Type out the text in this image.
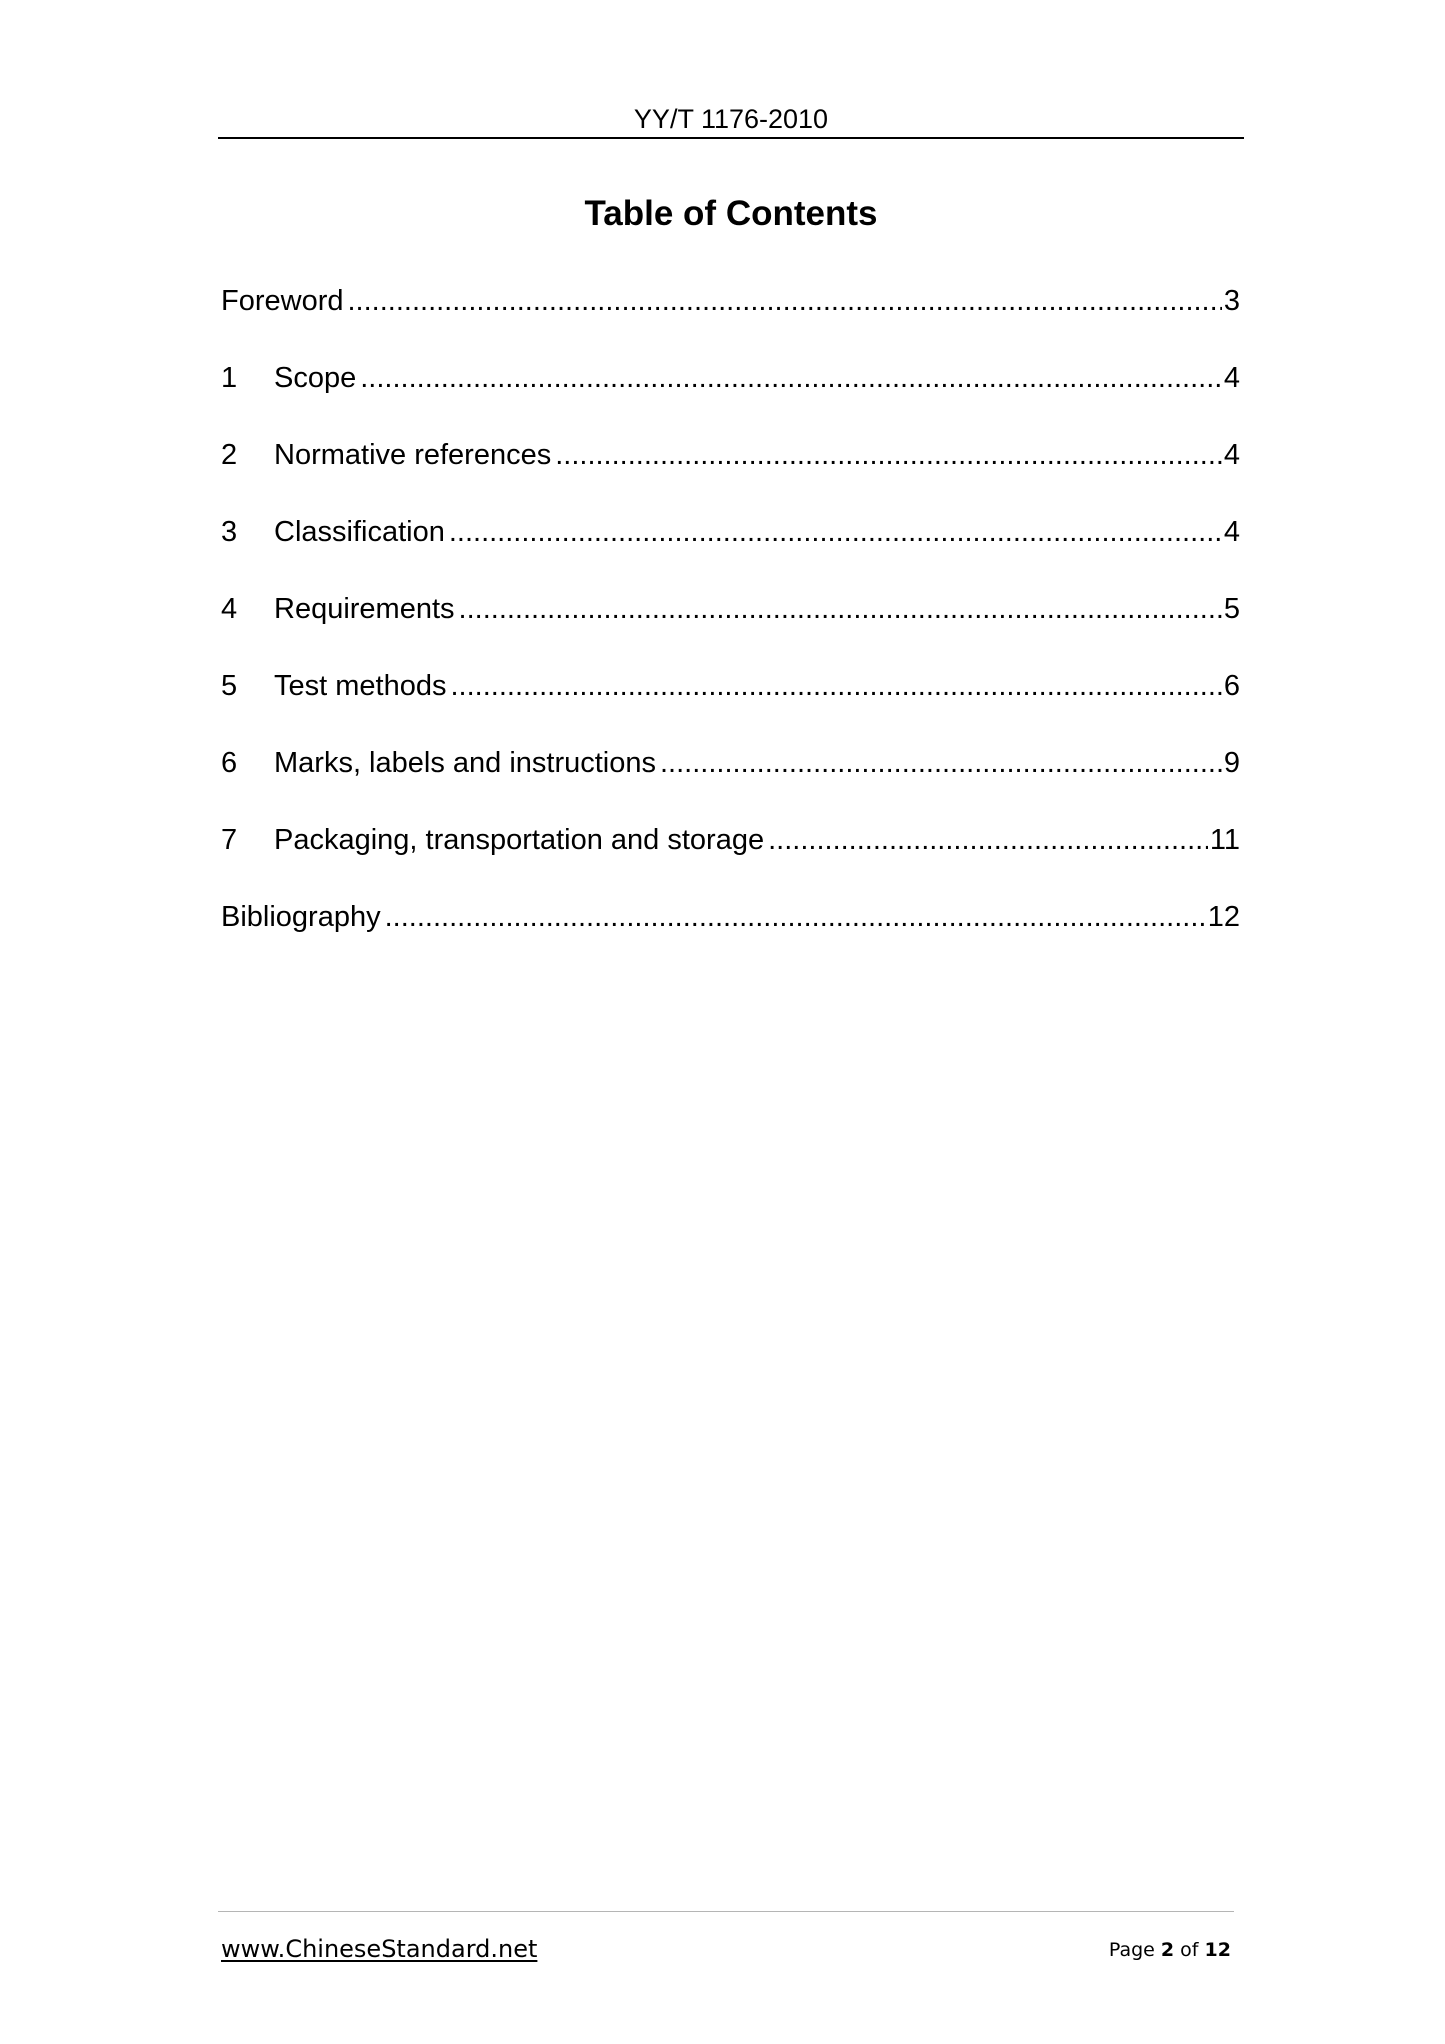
YY/T 1176-2010
Table of Contents
Foreword .....	3
1	Scope .....	4
2	Normative references .....	4
3	Classification .....	4
4	Requirements .....	5
5	Test methods .....	6
6	Marks, labels and instructions .....	9
7	Packaging, transportation and storage .....	11
Bibliography .....	12
www.ChineseStandard.net	Page 2 of 12
